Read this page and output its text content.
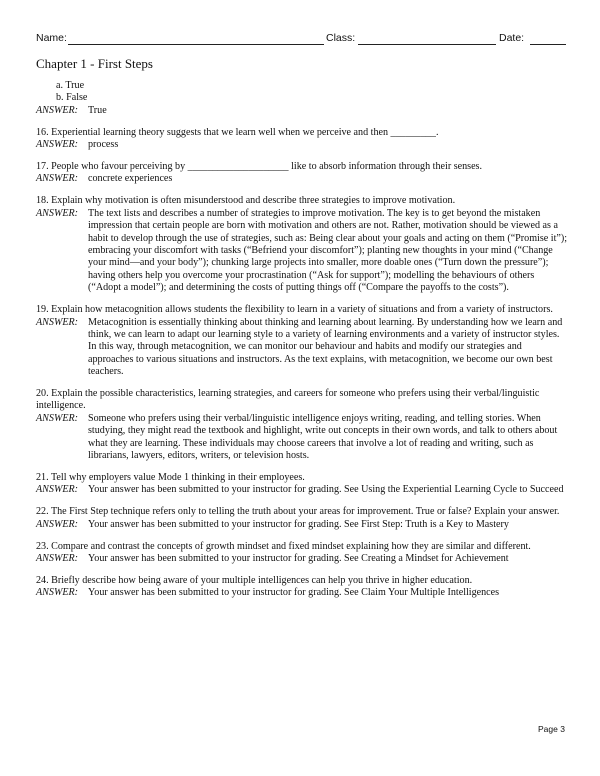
Name:	Class:	Date:
Chapter 1 - First Steps
a. True
b. False
ANSWER: True
16. Experiential learning theory suggests that we learn well when we perceive and then _________.
ANSWER: process
17. People who favour perceiving by ____________________ like to absorb information through their senses.
ANSWER: concrete experiences
18. Explain why motivation is often misunderstood and describe three strategies to improve motivation.
ANSWER: The text lists and describes a number of strategies to improve motivation. The key is to get beyond the mistaken impression that certain people are born with motivation and others are not. Rather, motivation should be viewed as a habit to develop through the use of strategies, such as: Being clear about your goals and acting on them (“Promise it”); embracing your discomfort with tasks (“Befriend your discomfort”); planting new thoughts in your mind (“Change your mind—and your body”); chunking large projects into smaller, more doable ones (“Turn down the pressure”); having others help you overcome your procrastination (“Ask for support”); modelling the behaviours of others (“Adopt a model”); and determining the costs of putting things off (“Compare the payoffs to the costs”).
19. Explain how metacognition allows students the flexibility to learn in a variety of situations and from a variety of instructors.
ANSWER: Metacognition is essentially thinking about thinking and learning about learning. By understanding how we learn and think, we can learn to adapt our learning style to a variety of learning environments and a variety of instructor styles. In this way, through metacognition, we can monitor our behaviour and habits and modify our strategies and approaches to various situations and instructors. As the text explains, with metacognition, we become our own best teachers.
20. Explain the possible characteristics, learning strategies, and careers for someone who prefers using their verbal/linguistic intelligence.
ANSWER: Someone who prefers using their verbal/linguistic intelligence enjoys writing, reading, and telling stories. When studying, they might read the textbook and highlight, write out concepts in their own words, and talk to others about what they are learning. These individuals may choose careers that involve a lot of reading and writing, such as librarians, lawyers, editors, writers, or television hosts.
21. Tell why employers value Mode 1 thinking in their employees.
ANSWER: Your answer has been submitted to your instructor for grading. See Using the Experiential Learning Cycle to Succeed
22. The First Step technique refers only to telling the truth about your areas for improvement. True or false? Explain your answer.
ANSWER: Your answer has been submitted to your instructor for grading. See First Step: Truth is a Key to Mastery
23. Compare and contrast the concepts of growth mindset and fixed mindset explaining how they are similar and different.
ANSWER: Your answer has been submitted to your instructor for grading. See Creating a Mindset for Achievement
24. Briefly describe how being aware of your multiple intelligences can help you thrive in higher education.
ANSWER: Your answer has been submitted to your instructor for grading. See Claim Your Multiple Intelligences
Page 3
